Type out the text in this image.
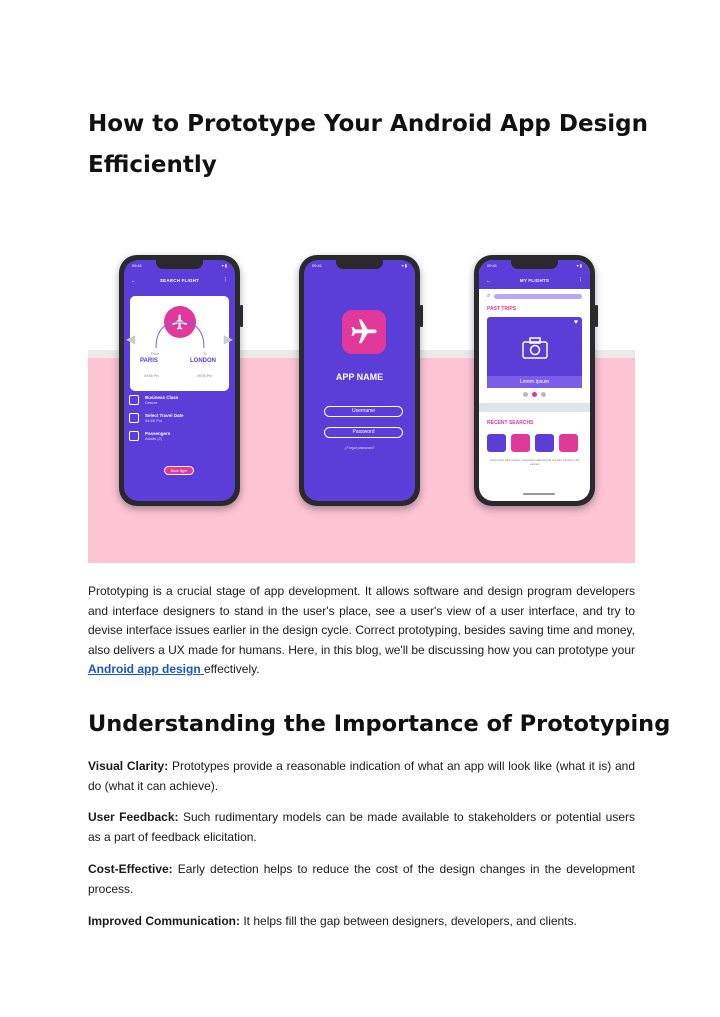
How to Prototype Your Android App Design Efficiently
09:41	▾ ▮
←	SEARCH FLIGHT	⋮
◀	▶
From	To
PARIS	LONDON
09:55 Pm	09:55 Pm
Business Class
Deluxe
Select Travel Date
04:55 Pm
Passengers
Adults (2)
Book flight
09:41	▾ ▮
APP NAME
Username
Password
¿Forgot password?
09:41	▾ ▮
←	MY FLIGHTS	⋮
⌕
PAST TRIPS
♥
Lorem Ipsum
RECENT SEARCHS
Lorem ipsum dolor sit amet, consectetuer adipiscing elit sed diam nonummy nibh euismod

Prototyping is a crucial stage of app development. It allows software and design program developers and interface designers to stand in the user's place, see a user's view of a user interface, and try to devise interface issues earlier in the design cycle. Correct prototyping, besides saving time and money, also delivers a UX made for humans. Here, in this blog, we'll be discussing how you can prototype your Android app design effectively.

Understanding the Importance of Prototyping

Visual Clarity: Prototypes provide a reasonable indication of what an app will look like (what it is) and do (what it can achieve).

User Feedback: Such rudimentary models can be made available to stakeholders or potential users as a part of feedback elicitation.

Cost-Effective: Early detection helps to reduce the cost of the design changes in the development process.

Improved Communication: It helps fill the gap between designers, developers, and clients.
